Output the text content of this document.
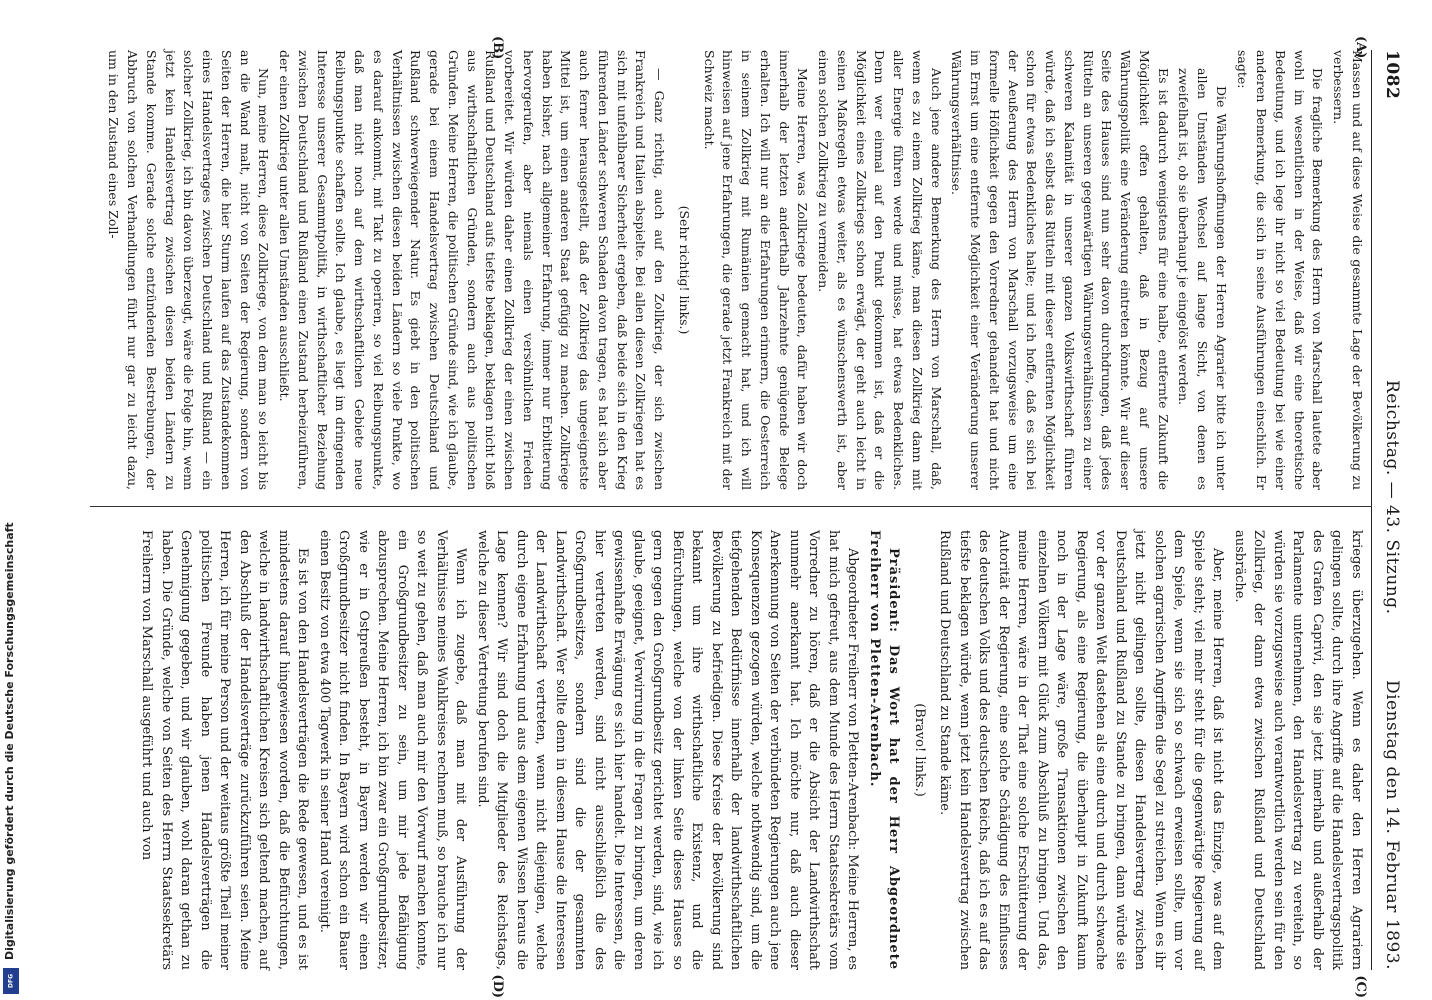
Digitalisierung gefördert durch die Deutsche Forschungsgemeinschaft
DFG
1082
Reichstag. — 43. Sitzung.
Dienstag den 14. Februar 1893.
(A)
(B)
(C)
(D)

Massen und auf diese Weise die gesammte Lage der Bevölkerung zu verbessern.

Die fragliche Bemerkung des Herrn von Marschall lautete aber wohl im wesentlichen in der Weise, daß wir eine theoretische Bedeutung, und ich lege ihr nicht so viel Bedeutung bei wie einer anderen Bemerkung, die sich in seine Ausführungen einschlich. Er sagte:

Die Währungshoffnungen der Herren Agrarier bitte ich unter allen Umständen Wechsel auf lange Sicht, von denen es zweifelhaft ist, ob sie überhaupt je eingelöst werden.

Es ist dadurch wenigstens für eine halbe, entfernte Zukunft die Möglichkeit offen gehalten, daß in Bezug auf unsere Währungspolitik eine Veränderung eintreten könnte. Wir auf dieser Seite des Hauses sind nun sehr davon durchdrungen, daß jedes Rütteln an unseren gegenwärtigen Währungsverhältnissen zu einer schweren Kalamität in unserer ganzen Volkswirthschaft führen würde, daß ich selbst das Rütteln mit dieser entfernten Möglichkeit schon für etwas Bedenkliches halte; und ich hoffe, daß es sich bei der Aeußerung des Herrn von Marschall vorzugsweise um eine formelle Höflichkeit gegen den Vorredner gehandelt hat und nicht im Ernst um eine entfernte Möglichkeit einer Veränderung unserer Währungsverhältnisse.

Auch jene andere Bemerkung des Herrn von Marschall, daß, wenn es zu einem Zollkrieg käme, man diesen Zollkrieg dann mit aller Energie führen werde und müsse, hat etwas Bedenkliches. Denn wer einmal auf den Punkt gekommen ist, daß er die Möglichkeit eines Zollkriegs schon erwägt, der geht auch leicht in seinen Maßregeln etwas weiter, als es wünschenswerth ist, aber einen solchen Zollkrieg zu vermeiden.

Meine Herren, was Zollkriege bedeuten, dafür haben wir doch innerhalb der letzten anderthalb Jahrzehnte genügende Belege erhalten. Ich will nur an die Erfahrungen erinnern, die Oesterreich in seinem Zollkrieg mit Rumänien gemacht hat, und ich will hinweisen auf jene Erfahrungen, die gerade jetzt Frankreich mit der Schweiz macht.

(Sehr richtig! links.)

— Ganz richtig, auch auf den Zollkrieg, der sich zwischen Frankreich und Italien abspielte. Bei allen diesen Zollkriegen hat es sich mit unfehlbarer Sicherheit ergeben, daß beide sich in den Krieg führenden Länder schweren Schaden davon tragen, es hat sich aber auch ferner herausgestellt, daß der Zollkrieg das ungeeignetste Mittel ist, um einen anderen Staat gefügig zu machen. Zollkriege haben bisher, nach allgemeiner Erfahrung, immer nur Erbitterung hervorgerufen, aber niemals einen versöhnlichen Frieden vorbereitet. Wir würden daher einen Zollkrieg der einen zwischen Rußland und Deutschland aufs tiefste beklagen, beklagen nicht bloß aus wirthschaftlichen Gründen, sondern auch aus politischen Gründen. Meine Herren, die politischen Gründe sind, wie ich glaube, gerade bei einem Handelsvertrag zwischen Deutschland und Rußland schwerwiegender Natur. Es giebt in den politischen Verhältnissen zwischen diesen beiden Ländern so viele Punkte, wo es darauf ankommt, mit Takt zu operiren, so viel Reibungspunkte, daß man nicht noch auf dem wirthschaftlichen Gebiete neue Reibungspunkte schaffen sollte. Ich glaube, es liegt im dringenden Interesse unserer Gesammtpolitik, in wirthschaftlicher Beziehung zwischen Deutschland und Rußland einen Zustand herbeizuführen, der einen Zollkrieg unter allen Umständen ausschließt.

Nun, meine Herren, diese Zollkriege, von dem man so leicht bis an die Wand malt, nicht von Seiten der Regierung, sondern von Seiten der Herren, die hier Sturm laufen auf das Zustandekommen eines Handelsvertrages zwischen Deutschland und Rußland — ein solcher Zollkrieg, ich bin davon überzeugt, wäre die Folge hin, wenn jetzt kein Handelsvertrag zwischen diesen beiden Ländern zu Stande komme. Gerade solche entzündenden Bestrebungen, der Abbruch von solchen Verhandlungen führt nur gar zu leicht dazu, um in den Zustand eines Zoll-

krieges überzugehen. Wenn es daher den Herren Agrariern gelingen sollte, durch ihre Angriffe auf die Handelsvertragspolitik des Grafen Caprivi, den sie jetzt innerhalb und außerhalb der Parlamente unternehmen, den Handelsvertrag zu vereiteln, so würden sie vorzugsweise auch verantwortlich werden sein für den Zollkrieg, der dann etwa zwischen Rußland und Deutschland ausbräche.

Aber, meine Herren, daß ist nicht das Einzige, was auf dem Spiele steht; viel mehr steht für die gegenwärtige Regierung auf dem Spiele, wenn sie sich so schwach erweisen sollte, um vor solchen agrarischen Angriffen die Segel zu streichen. Wenn es ihr jetzt nicht gelingen sollte, diesen Handelsvertrag zwischen Deutschland und Rußland zu Stande zu bringen, dann würde sie vor der ganzen Welt dastehen als eine durch und durch schwache Regierung, als eine Regierung, die überhaupt in Zukunft kaum noch in der Lage wäre, große Transaktionen zwischen den einzelnen Völkern mit Glück zum Abschluß zu bringen. Und das, meine Herren, wäre in der That eine solche Erschütterung der Autorität der Regierung, eine solche Schädigung des Einflusses des deutschen Volks und des deutschen Reichs, daß ich es auf das tiefste beklagen würde, wenn jetzt kein Handelsvertrag zwischen Rußland und Deutschland zu Stande käme.

(Bravo! links.)

Präsident: Das Wort hat der Herr Abgeordnete Freiherr von Pletten-Arenbach.

Abgeordneter Freiherr von Pletten-Arenbach: Meine Herren, es hat mich gefreut, aus dem Munde des Herrn Staatssekretärs vom Vorredner zu hören, daß er die Absicht der Landwirthschaft nunmehr anerkannt hat. Ich möchte nur, daß auch dieser Anerkennung von Seiten der verbündeten Regierungen auch jene Konsequenzen gezogen würden, welche nothwendig sind, um die tiefgehenden Bedürfnisse innerhalb der landwirthschaftlichen Bevölkerung zu befriedigen. Diese Kreise der Bevölkerung sind bekannt um ihre wirthschaftliche Existenz, und die Befürchtungen, welche von der linken Seite dieses Hauses so gern gegen den Großgrundbesitz gerichtet werden, sind, wie ich glaube, geeignet, Verwirrung in die Fragen zu bringen, um deren gewissenhafte Erwägung es sich hier handelt. Die Interessen, die hier vertreten werden, sind nicht ausschließlich die des Großgrundbesitzes, sondern sind die der gesammten Landwirthschaft. Wer sollte denn in diesem Hause die Interessen der Landwirthschaft vertreten, wenn nicht diejenigen, welche durch eigene Erfahrung und aus dem eigenen Wissen heraus die Lage kennen? Wir sind doch die Mitglieder des Reichstags, welche zu dieser Vertretung berufen sind.

Wenn ich zugebe, daß man mit der Ausführung der Verhältnisse meines Wahlkreises rechnen muß, so brauche ich nur so weit zu gehen, daß man auch mir den Vorwurf machen konnte, ein Großgrundbesitzer zu sein, um mir jede Befähigung abzusprechen. Meine Herren, ich bin zwar ein Großgrundbesitzer, wie er in Ostpreußen besteht, in Bayern werden wir einen Großgrundbesitzer nicht finden. In Bayern wird schon ein Bauer einen Besitz von etwa 400 Tagwerk in seiner Hand vereinigt.

Es ist von den Handelsverträgen die Rede gewesen, und es ist mindestens darauf hingewiesen worden, daß die Befürchtungen, welche in landwirthschaftlichen Kreisen sich geltend machen, auf den Abschluß der Handelsverträge zurückzuführen seien. Meine Herren, ich für meine Person und der weitaus größte Theil meiner politischen Freunde haben jenen Handelsverträgen die Genehmigung gegeben, und wir glauben, wohl daran gethan zu haben. Die Gründe, welche von Seiten des Herrn Staatssekretärs Freiherrn von Marschall ausgeführt und auch von
